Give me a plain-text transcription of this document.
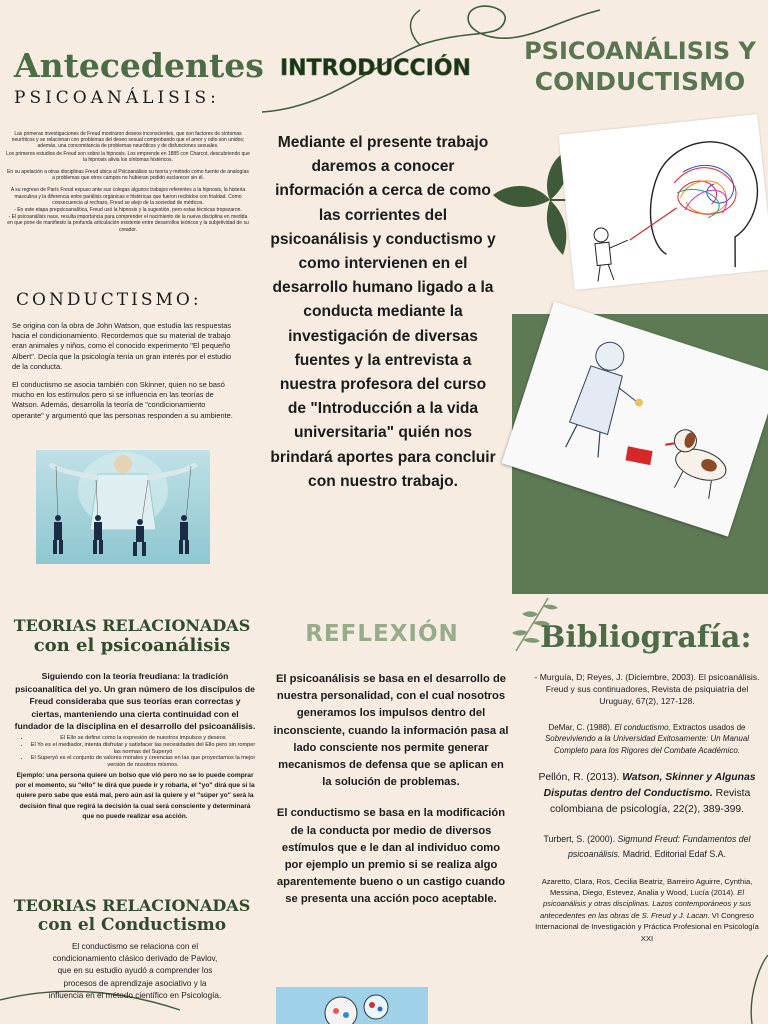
Antecedentes
PSICOANÁLISIS:

Las primeras investigaciones de Freud mostraron deseos inconscientes, que son factores de síntomas neuróticos y se relacionan con problemas del deseo sexual comprobando que el amor y odio son unidos; además, una concomitancia de problemas neuróticos y de disfunciones sexuales.

Los primeros estudios de Freud son sobre la hipnosis. Los emprende en 1885 con Charcot, descubriendo que la hipnosis alivia los síntomas histéricos.

En su apelación a otras disciplinas Freud ubica al Psicoanálisis su teoría y método como fuente de analogías a problemas que otros campos no hubieran podido esclarecer sin él.

A su regreso de París Freud expuso ante sus colegas algunos trabajos referentes a la hipnosis, la histeria masculina y la diferencia entre parálisis orgánicas e histéricas que fueron recibidos con frialdad. Como consecuencia al rechazo, Freud se alejo de la sociedad de médicos.

- En este etapa prepsicoanalítica, Freud usó la hipnosis y la sugestión, pero estas técnicas tropezaron.

- El psicoanálisis nace, resulta importancia para comprender el nacimiento de la nueva disciplina en medida en que pone de manifiesto la profunda articulación existente entre desarrollos teóricos y la subjetividad de su creador.

CONDUCTISMO:

Se origina con la obra de John Watson, que estudia las respuestas hacia el condicionamiento. Recordemos que su material de trabajo eran animales y niños, como el conocido experimento "El pequeño Albert". Decía que la psicología tenía un gran interés por el estudio de la conducta.

El conductismo se asocia también con Skinner, quien no se basó mucho en los estímulos pero si se influencia en las teorías de Watson. Además, desarrolla la teoría de "condicionamiento operante" y argumentó que las personas responden a su ambiente.

TEORIAS RELACIONADAS
con el psicoanálisis

Siguiendo con la teoría freudiana: la tradición psicoanalítica del yo. Un gran número de los discípulos de Freud consideraba que sus teorías eran correctas y ciertas, manteniendo una cierta continuidad con el fundador de la disciplina en el desarrollo del psicoanálisis.

• El Ello se define como la expresión de nuestros impulsos y deseos
• El Yo es el mediador, intenta disfrutar y satisfacer las necesidades del Ello pero sin romper las normas del Superyó
• El Superyó es el conjunto de valores morales y creencias en las que proyectamos la mejor versión de nosotros mismos.

Ejemplo: una persona quiere un bolso que vió pero no se lo puede comprar por el momento, su "ello" le dirá que puede ir y robarla, el "yo" dirá que si la quiere pero sabe que está mal, pero aún así la quiere y el "súper yo" será la decisión final que regirá la decisión la cual será consciente y determinará que no puede realizar esa acción.

TEORIAS RELACIONADAS
con el Conductismo
El conductismo se relaciona con el condicionamiento clásico derivado de Pavlov, que en su estudio ayudó a comprender los procesos de aprendizaje asociativo y la influencia en el método científico en Psicología.
INTRODUCCIÓN
Mediante el presente trabajo daremos a conocer información a cerca de como las corrientes del psicoanálisis y conductismo y como intervienen en el desarrollo humano ligado a la conducta mediante la investigación de diversas fuentes y la entrevista a nuestra profesora del curso de "Introducción a la vida universitaria" quién nos brindará aportes para concluir con nuestro trabajo.
REFLEXIÓN

El psicoanálisis se basa en el desarrollo de nuestra personalidad, con el cual nosotros generamos los impulsos dentro del inconsciente, cuando la información pasa al lado consciente nos permite generar mecanismos de defensa que se aplican en la solución de problemas.

El conductismo se basa en la modificación de la conducta por medio de diversos estímulos que e le dan al individuo como por ejemplo un premio si se realiza algo aparentemente bueno o un castigo cuando se presenta una acción poco aceptable.

PSICOANÁLISIS Y
CONDUCTISMO
Bibliografía:
- Murguía, D; Reyes, J. (Diciembre, 2003). El psicoanálisis. Freud y sus continuadores, Revista de psiquiatría del Uruguay, 67(2), 127-128.
DeMar, C. (1988). El conductismo. Extractos usados de Sobreviviendo a la Universidad Exitosamente: Un Manual Completo para los Rigores del Combate Académico.
Pellón, R. (2013). Watson, Skinner y Algunas Disputas dentro del Conductismo. Revista colombiana de psicología, 22(2), 389-399.
Turbert, S. (2000). Sigmund Freud: Fundamentos del psicoanálisis. Madrid. Editorial Edaf S.A.
Azaretto, Clara, Ros, Cecilia Beatriz, Barreiro Aguirre, Cynthia, Messina, Diego, Estevez, Analia y Wood, Lucía (2014). El psicoanálisis y otras disciplinas. Lazos contemporáneos y sus antecedentes en las obras de S. Freud y J. Lacan. VI Congreso Internacional de Investigación y Práctica Profesional en Psicología XXI
